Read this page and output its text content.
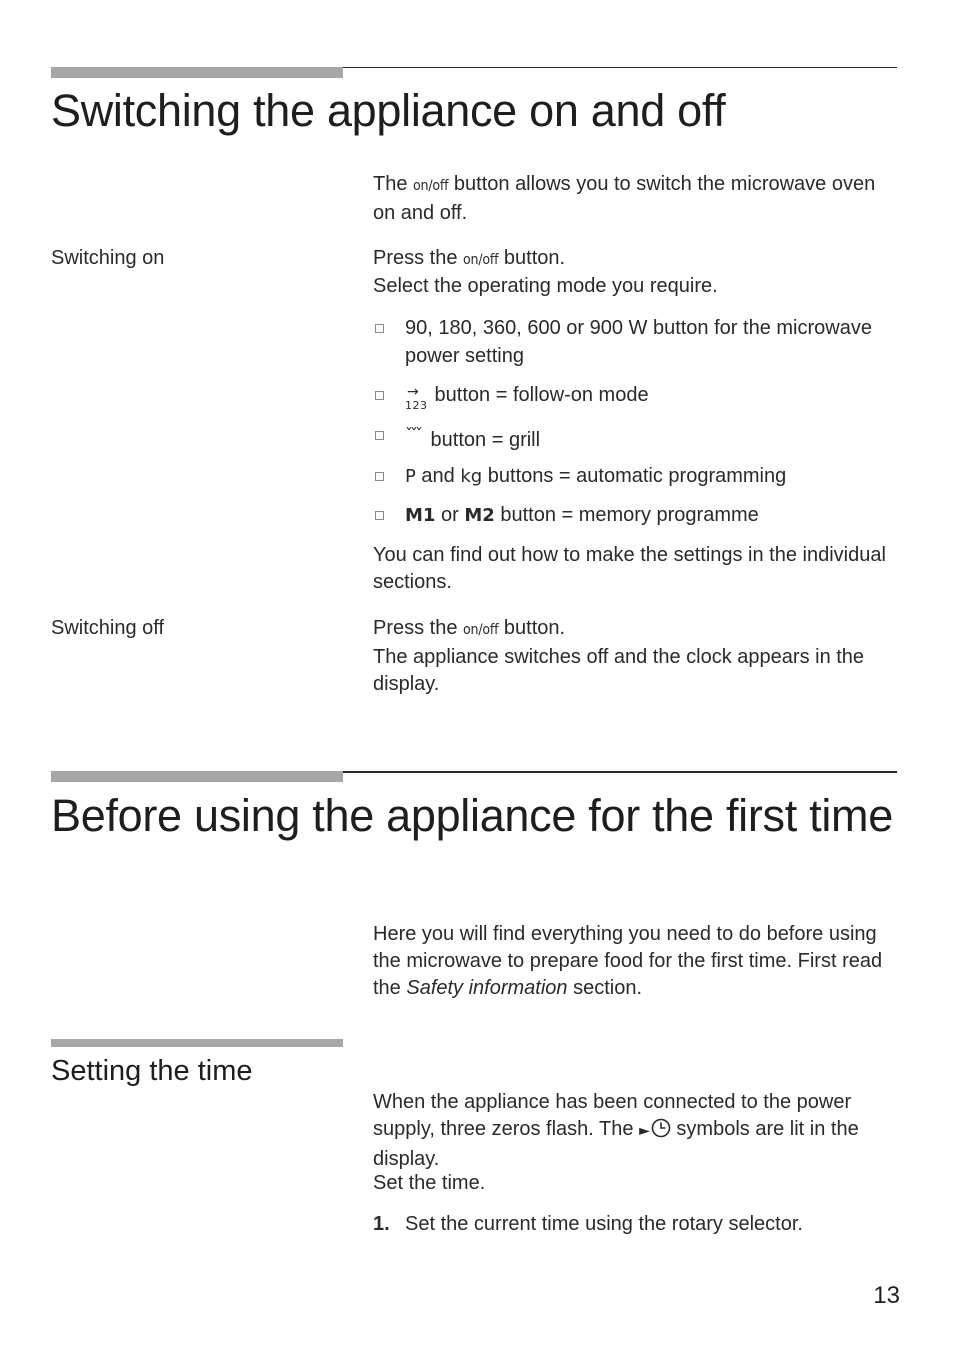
Switching the appliance on and off

The on/off button allows you to switch the microwave oven on and off.

Switching on	Press the on/off button.

Select the operating mode you require.

90, 180, 360, 600 or 900 W button for the microwave power setting
→
123 button = follow-on mode
ˇˇˇ button = grill
P and kg buttons = automatic programming
M1 or M2 button = memory programme

You can find out how to make the settings in the individual sections.

Switching off	Press the on/off button.

The appliance switches off and the clock appears in the display.

Before using the appliance for the first time

Here you will find everything you need to do before using the microwave to prepare food for the first time. First read the Safety information section.

Setting the time

When the appliance has been connected to the power supply, three zeros flash. The ► symbols are lit in the display.

Set the time.

1. Set the current time using the rotary selector.

13
